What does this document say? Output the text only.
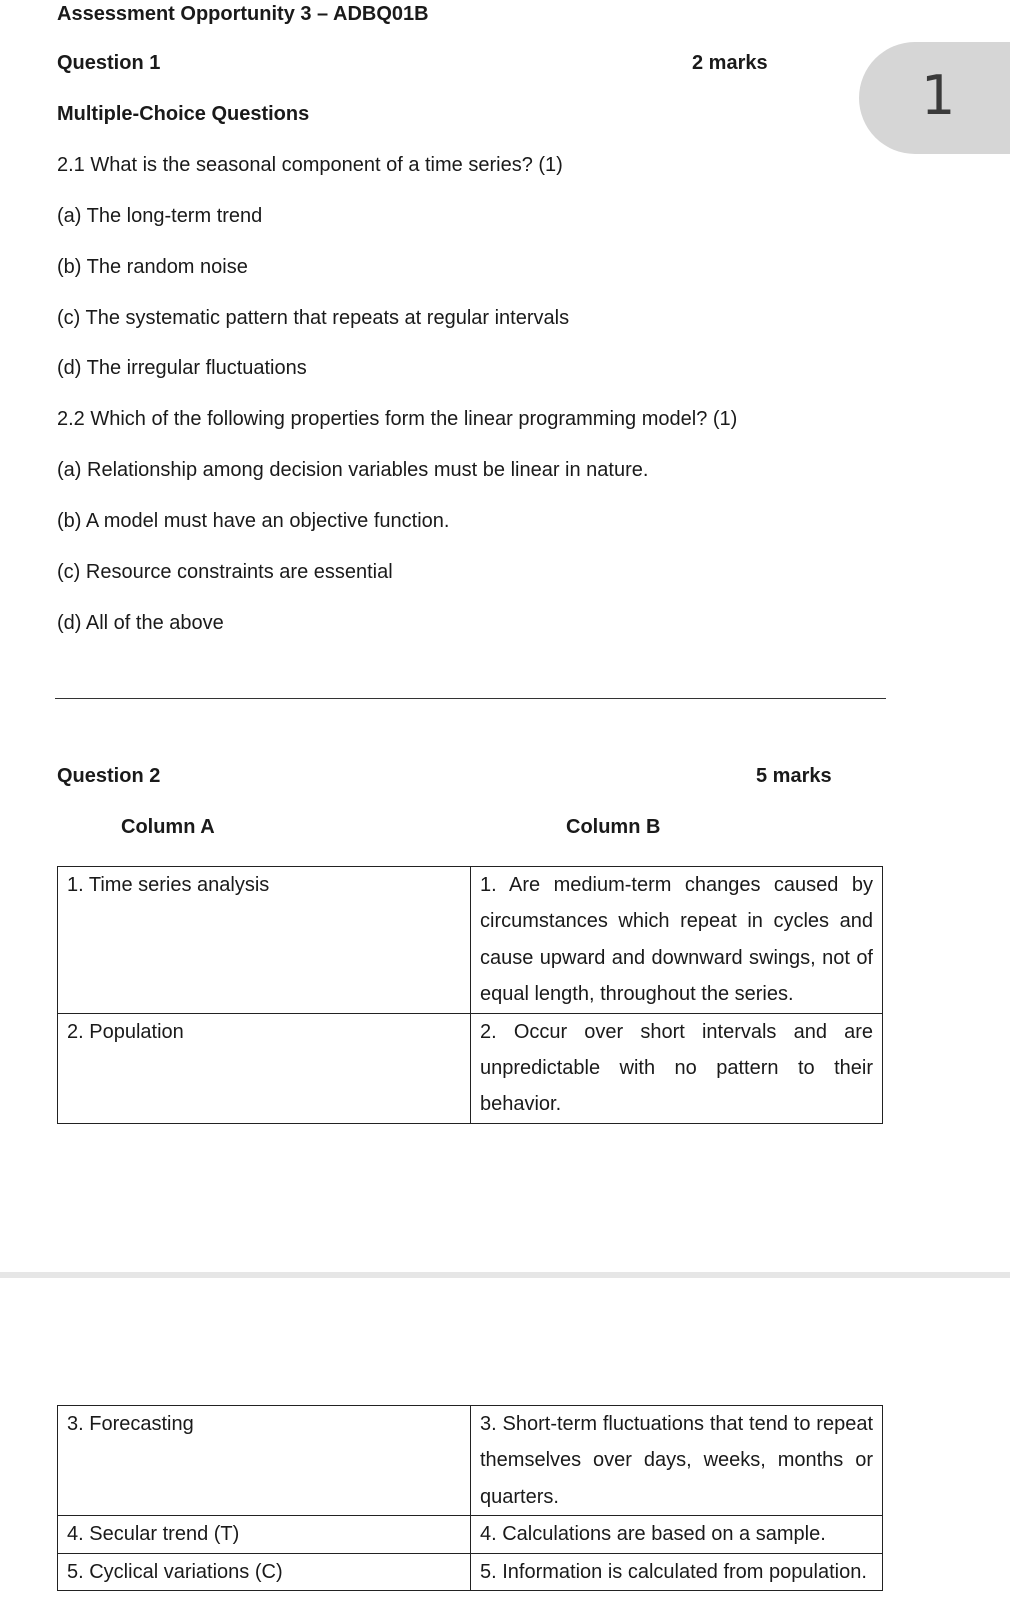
Assessment Opportunity 3 – ADBQ01B
1
Question 1	2 marks
Multiple-Choice Questions
2.1 What is the seasonal component of a time series? (1)
(a) The long-term trend
(b) The random noise
(c) The systematic pattern that repeats at regular intervals
(d) The irregular fluctuations
2.2 Which of the following properties form the linear programming model? (1)
(a) Relationship among decision variables must be linear in nature.
(b) A model must have an objective function.
(c) Resource constraints are essential
(d) All of the above
Question 2	5 marks
Column A	Column B
1. Time series analysis	1. Are medium-term changes caused by circumstances which repeat in cycles and cause upward and downward swings, not of equal length, throughout the series.
2. Population	2. Occur over short intervals and are unpredictable with no pattern to their behavior.
3. Forecasting	3. Short-term fluctuations that tend to repeat themselves over days, weeks, months or quarters.
4. Secular trend (T)	4. Calculations are based on a sample.
5. Cyclical variations (C)	5. Information is calculated from population.
